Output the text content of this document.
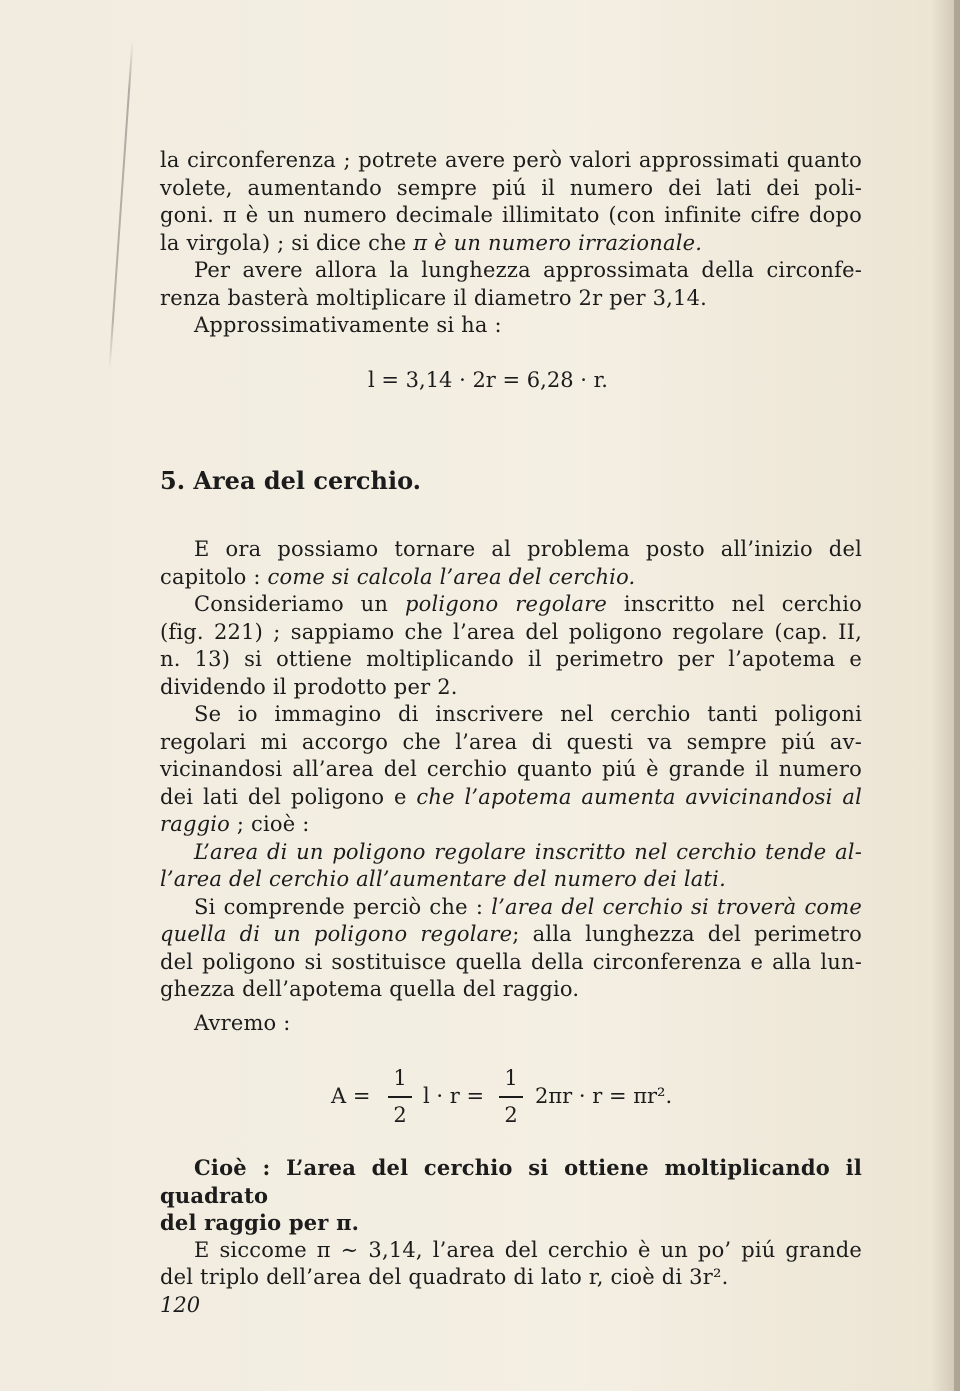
la circonferenza ; potrete avere però valori approssimati quanto

volete, aumentando sempre piú il numero dei lati dei poli-

goni. π è un numero decimale illimitato (con infinite cifre dopo

la virgola) ; si dice che π è un numero irrazionale.

Per avere allora la lunghezza approssimata della circonfe-

renza basterà moltiplicare il diametro 2r per 3,14.

Approssimativamente si ha :

l = 3,14 · 2r = 6,28 · r.
5. Area del cerchio.

E ora possiamo tornare al problema posto all’inizio del

capitolo : come si calcola l’area del cerchio.

Consideriamo un poligono regolare inscritto nel cerchio

(fig. 221) ; sappiamo che l’area del poligono regolare (cap. II,

n. 13) si ottiene moltiplicando il perimetro per l’apotema e

dividendo il prodotto per 2.

Se io immagino di inscrivere nel cerchio tanti poligoni

regolari mi accorgo che l’area di questi va sempre piú av-

vicinandosi all’area del cerchio quanto piú è grande il numero

dei lati del poligono e che l’apotema aumenta avvicinandosi al

raggio ; cioè :

L’area di un poligono regolare inscritto nel cerchio tende al-

l’area del cerchio all’aumentare del numero dei lati.

Si comprende perciò che : l’area del cerchio si troverà come

quella di un poligono regolare; alla lunghezza del perimetro

del poligono si sostituisce quella della circonferenza e alla lun-

ghezza dell’apotema quella del raggio.

Avremo :

A =
1
2
l · r =
1
2
2πr · r = πr².

Cioè : L’area del cerchio si ottiene moltiplicando il quadrato

del raggio per π.

E siccome π ∼ 3,14, l’area del cerchio è un po’ piú grande

del triplo dell’area del quadrato di lato r, cioè di 3r².

120
